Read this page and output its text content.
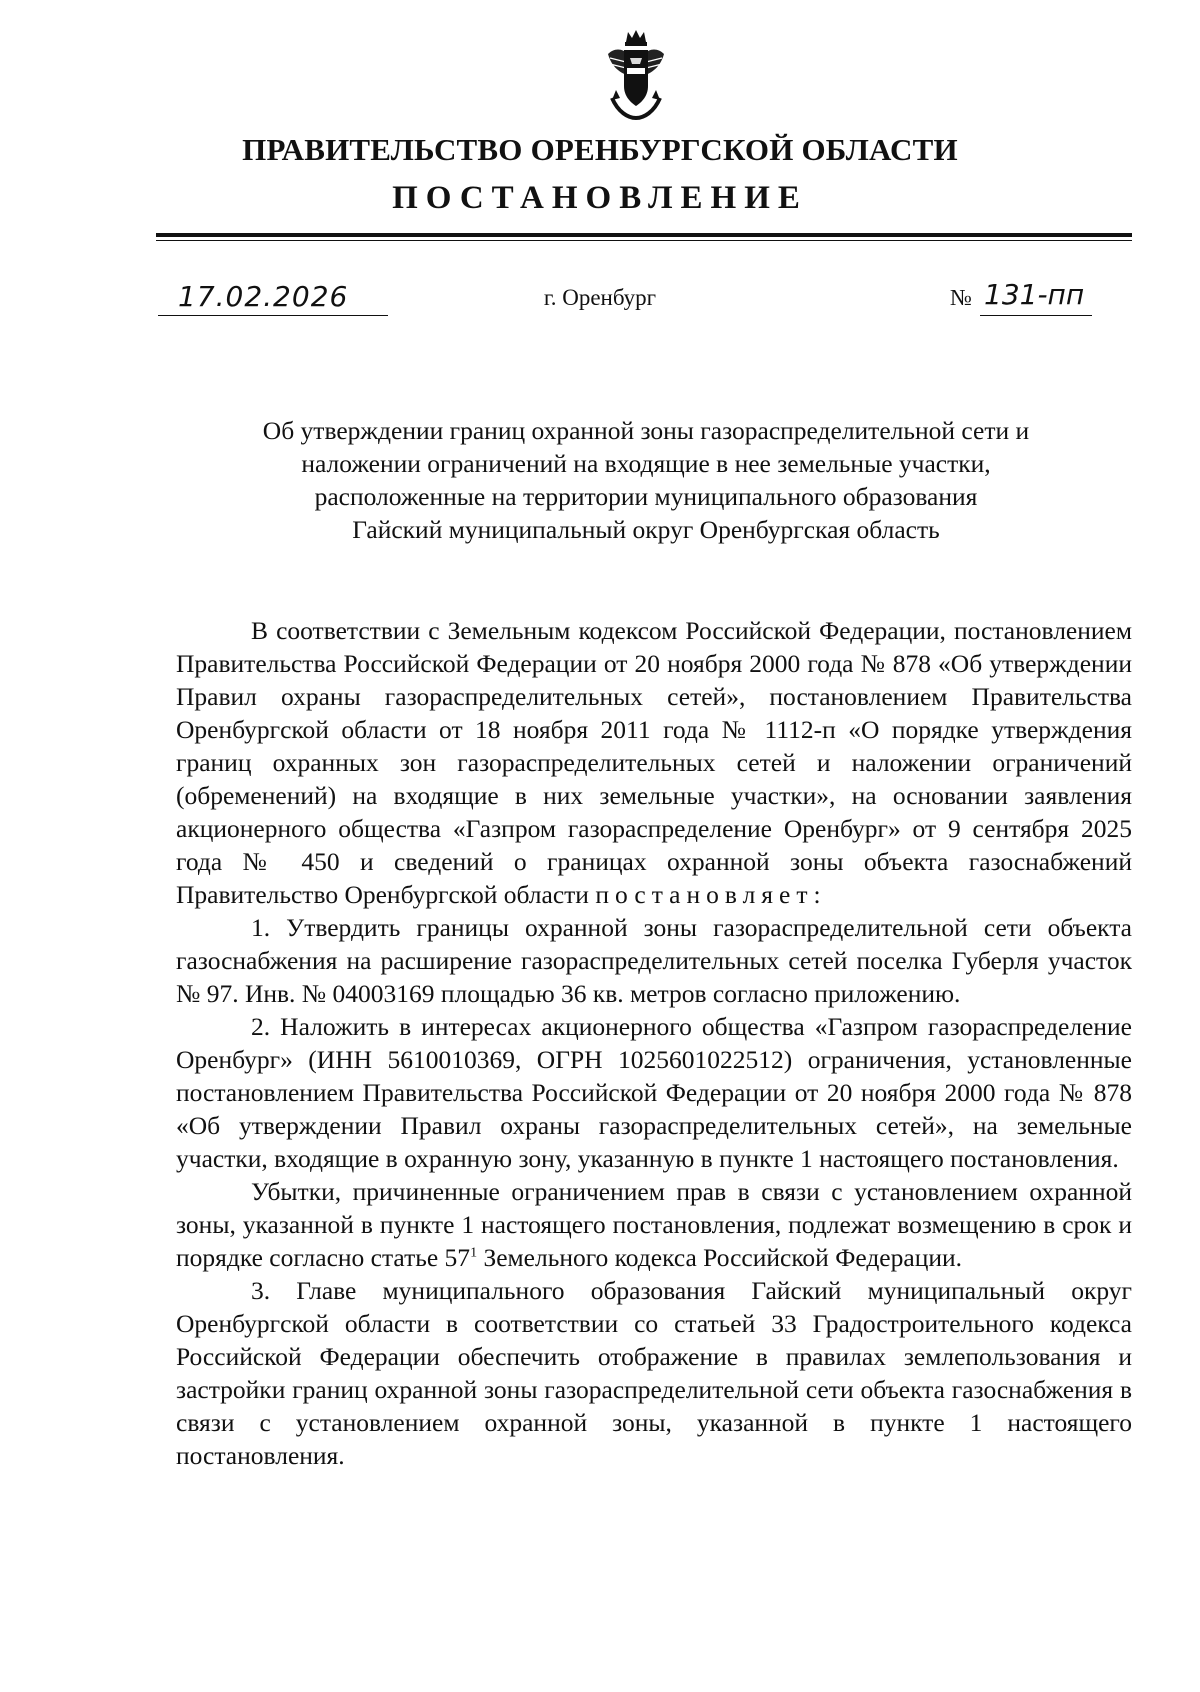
ПРАВИТЕЛЬСТВО ОРЕНБУРГСКОЙ ОБЛАСТИ
ПОСТАНОВЛЕНИЕ
17.02.2026	г. Оренбург	№ 131-пп
Об утверждении границ охранной зоны газораспределительной сети и
наложении ограничений на входящие в нее земельные участки,
расположенные на территории муниципального образования
Гайский муниципальный округ Оренбургская область

В соответствии с Земельным кодексом Российской Федерации, постановлением Правительства Российской Федерации от 20 ноября 2000 года № 878 «Об утверждении Правил охраны газораспределительных сетей», постановлением Правительства Оренбургской области от 18 ноября 2011 года № 1112-п «О порядке утверждения границ охранных зон газораспределительных сетей и наложении ограничений (обременений) на входящие в них земельные участки», на основании заявления акционерного общества «Газпром газораспределение Оренбург» от 9 сентября 2025 года № 450 и сведений о границах охранной зоны объекта газоснабжений Правительство Оренбургской области постановляет:

1. Утвердить границы охранной зоны газораспределительной сети объекта газоснабжения на расширение газораспределительных сетей поселка Губерля участок № 97. Инв. № 04003169 площадью 36 кв. метров согласно приложению.

2. Наложить в интересах акционерного общества «Газпром газораспределение Оренбург» (ИНН 5610010369, ОГРН 1025601022512) ограничения, установленные постановлением Правительства Российской Федерации от 20 ноября 2000 года № 878 «Об утверждении Правил охраны газораспределительных сетей», на земельные участки, входящие в охранную зону, указанную в пункте 1 настоящего постановления.

Убытки, причиненные ограничением прав в связи с установлением охранной зоны, указанной в пункте 1 настоящего постановления, подлежат возмещению в срок и порядке согласно статье $57^1$ Земельного кодекса Российской Федерации.

3. Главе муниципального образования Гайский муниципальный округ Оренбургской области в соответствии со статьей 33 Градостроительного кодекса Российской Федерации обеспечить отображение в правилах землепользования и застройки границ охранной зоны газораспределительной сети объекта газоснабжения в связи с установлением охранной зоны, указанной в пункте 1 настоящего постановления.
